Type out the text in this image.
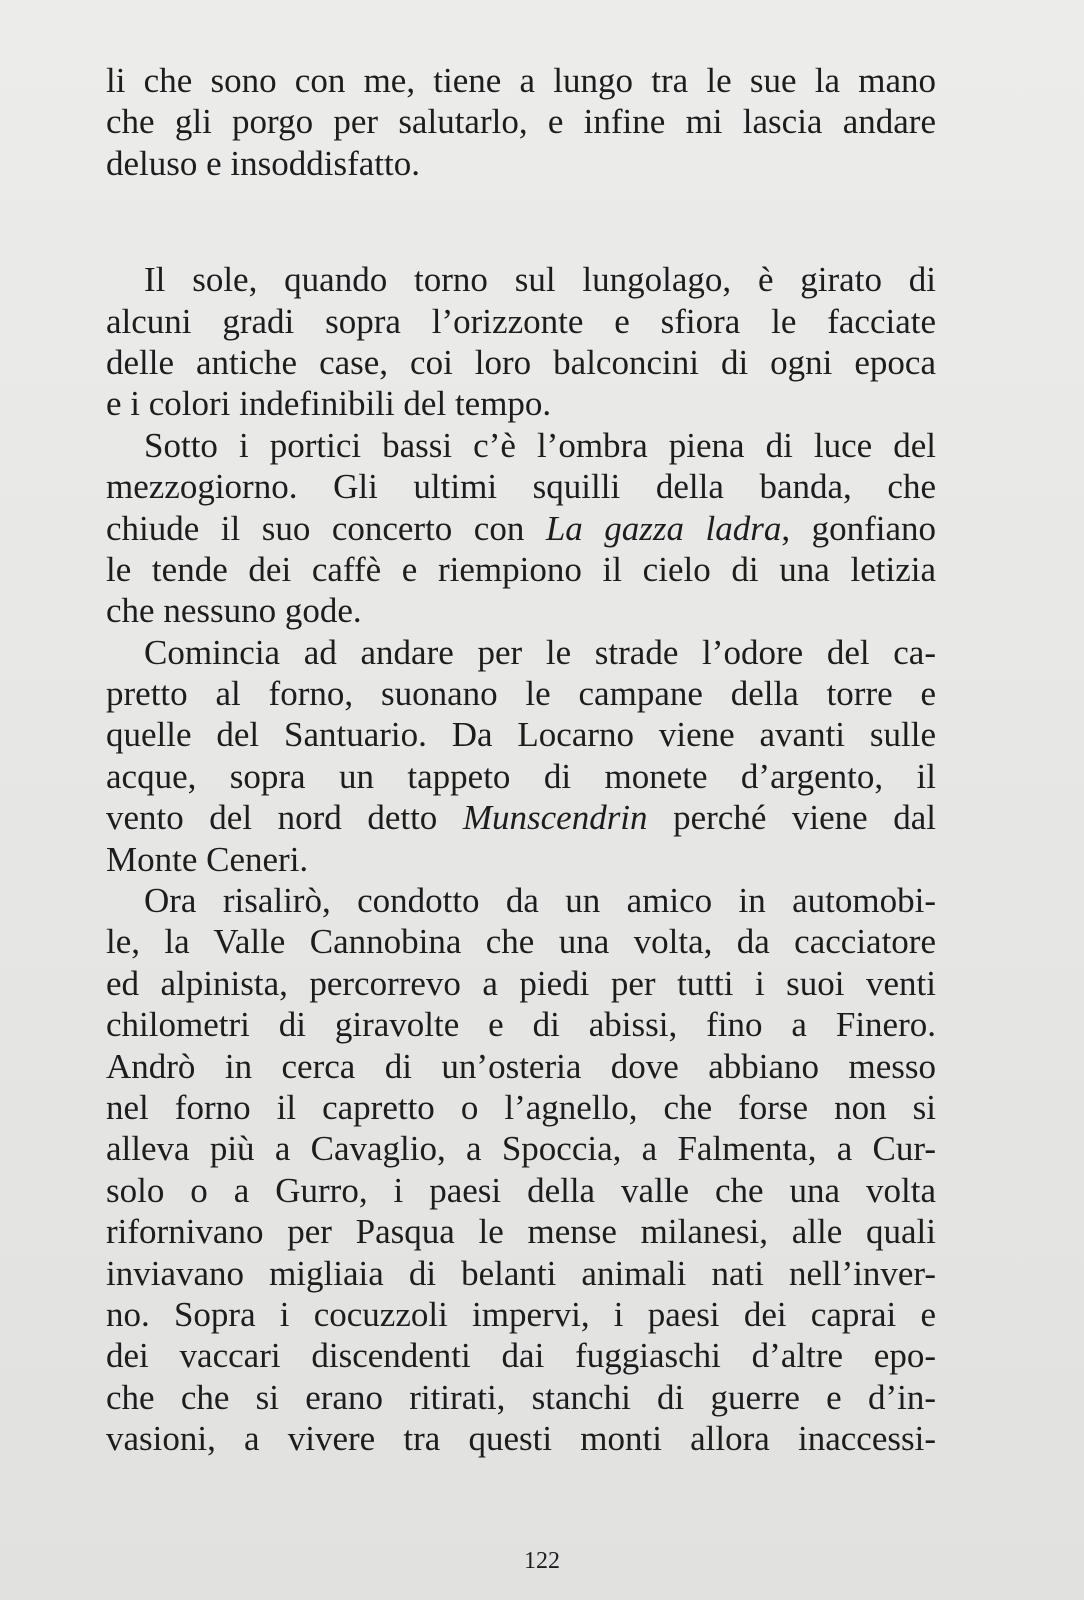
li che sono con me, tiene a lungo tra le sue la mano
che gli porgo per salutarlo, e infine mi lascia andare
deluso e insoddisfatto.
Il sole, quando torno sul lungolago, è girato di
alcuni gradi sopra l’orizzonte e sfiora le facciate
delle antiche case, coi loro balconcini di ogni epoca
e i colori indefinibili del tempo.
Sotto i portici bassi c’è l’ombra piena di luce del
mezzogiorno. Gli ultimi squilli della banda, che
chiude il suo concerto con La gazza ladra, gonfiano
le tende dei caffè e riempiono il cielo di una letizia
che nessuno gode.
Comincia ad andare per le strade l’odore del ca-
pretto al forno, suonano le campane della torre e
quelle del Santuario. Da Locarno viene avanti sulle
acque, sopra un tappeto di monete d’argento, il
vento del nord detto Munscendrin perché viene dal
Monte Ceneri.
Ora risalirò, condotto da un amico in automobi-
le, la Valle Cannobina che una volta, da cacciatore
ed alpinista, percorrevo a piedi per tutti i suoi venti
chilometri di giravolte e di abissi, fino a Finero.
Andrò in cerca di un’osteria dove abbiano messo
nel forno il capretto o l’agnello, che forse non si
alleva più a Cavaglio, a Spoccia, a Falmenta, a Cur-
solo o a Gurro, i paesi della valle che una volta
rifornivano per Pasqua le mense milanesi, alle quali
inviavano migliaia di belanti animali nati nell’inver-
no. Sopra i cocuzzoli impervi, i paesi dei caprai e
dei vaccari discendenti dai fuggiaschi d’altre epo-
che che si erano ritirati, stanchi di guerre e d’in-
vasioni, a vivere tra questi monti allora inaccessi-
122
